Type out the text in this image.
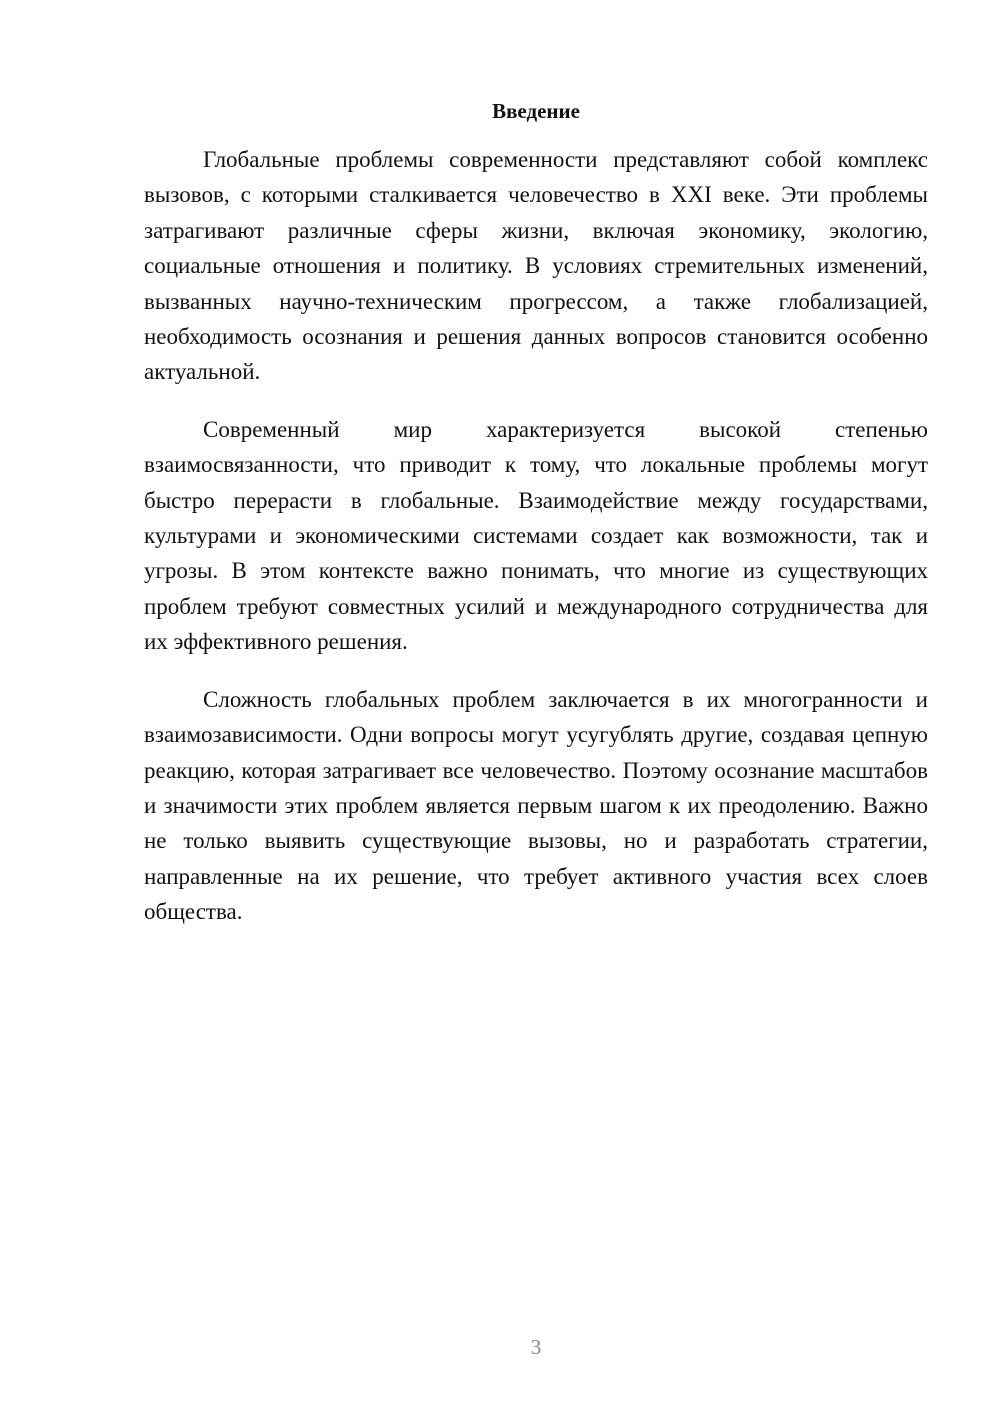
Введение

Глобальные проблемы современности представляют собой комплекс вызовов, с которыми сталкивается человечество в XXI веке. Эти проблемы затрагивают различные сферы жизни, включая экономику, экологию, социальные отношения и политику. В условиях стремительных изменений, вызванных научно-техническим прогрессом, а также глобализацией, необходимость осознания и решения данных вопросов становится особенно актуальной.

Современный мир характеризуется высокой степенью взаимосвязанности, что приводит к тому, что локальные проблемы могут быстро перерасти в глобальные. Взаимодействие между государствами, культурами и экономическими системами создает как возможности, так и угрозы. В этом контексте важно понимать, что многие из существующих проблем требуют совместных усилий и международного сотрудничества для их эффективного решения.

Сложность глобальных проблем заключается в их многогранности и взаимозависимости. Одни вопросы могут усугублять другие, создавая цепную реакцию, которая затрагивает все человечество. Поэтому осознание масштабов и значимости этих проблем является первым шагом к их преодолению. Важно не только выявить существующие вызовы, но и разработать стратегии, направленные на их решение, что требует активного участия всех слоев общества.

3
